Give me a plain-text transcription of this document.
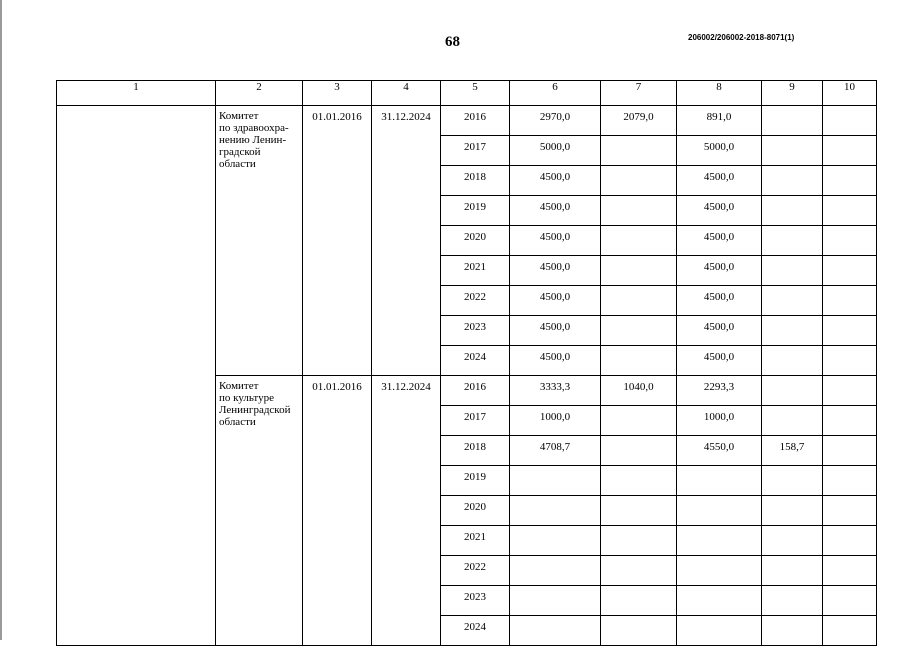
68	206002/206002-2018-8071(1)
1	2	3	4	5	6	7	8	9	10

	Комитет
по здравоохра-
нению Ленин-
градской
области	01.01.2016	31.12.2024	2016	2970,0	2079,0	891,0		
				2017	5000,0		5000,0		
				2018	4500,0		4500,0		
				2019	4500,0		4500,0		
				2020	4500,0		4500,0		
				2021	4500,0		4500,0		
				2022	4500,0		4500,0		
				2023	4500,0		4500,0		
				2024	4500,0		4500,0		

	Комитет
по культуре
Ленинградской
области	01.01.2016	31.12.2024	2016	3333,3	1040,0	2293,3		
				2017	1000,0		1000,0		
				2018	4708,7		4550,0	158,7	
				2019					
				2020					
				2021					
				2022					
				2023					
				2024					
